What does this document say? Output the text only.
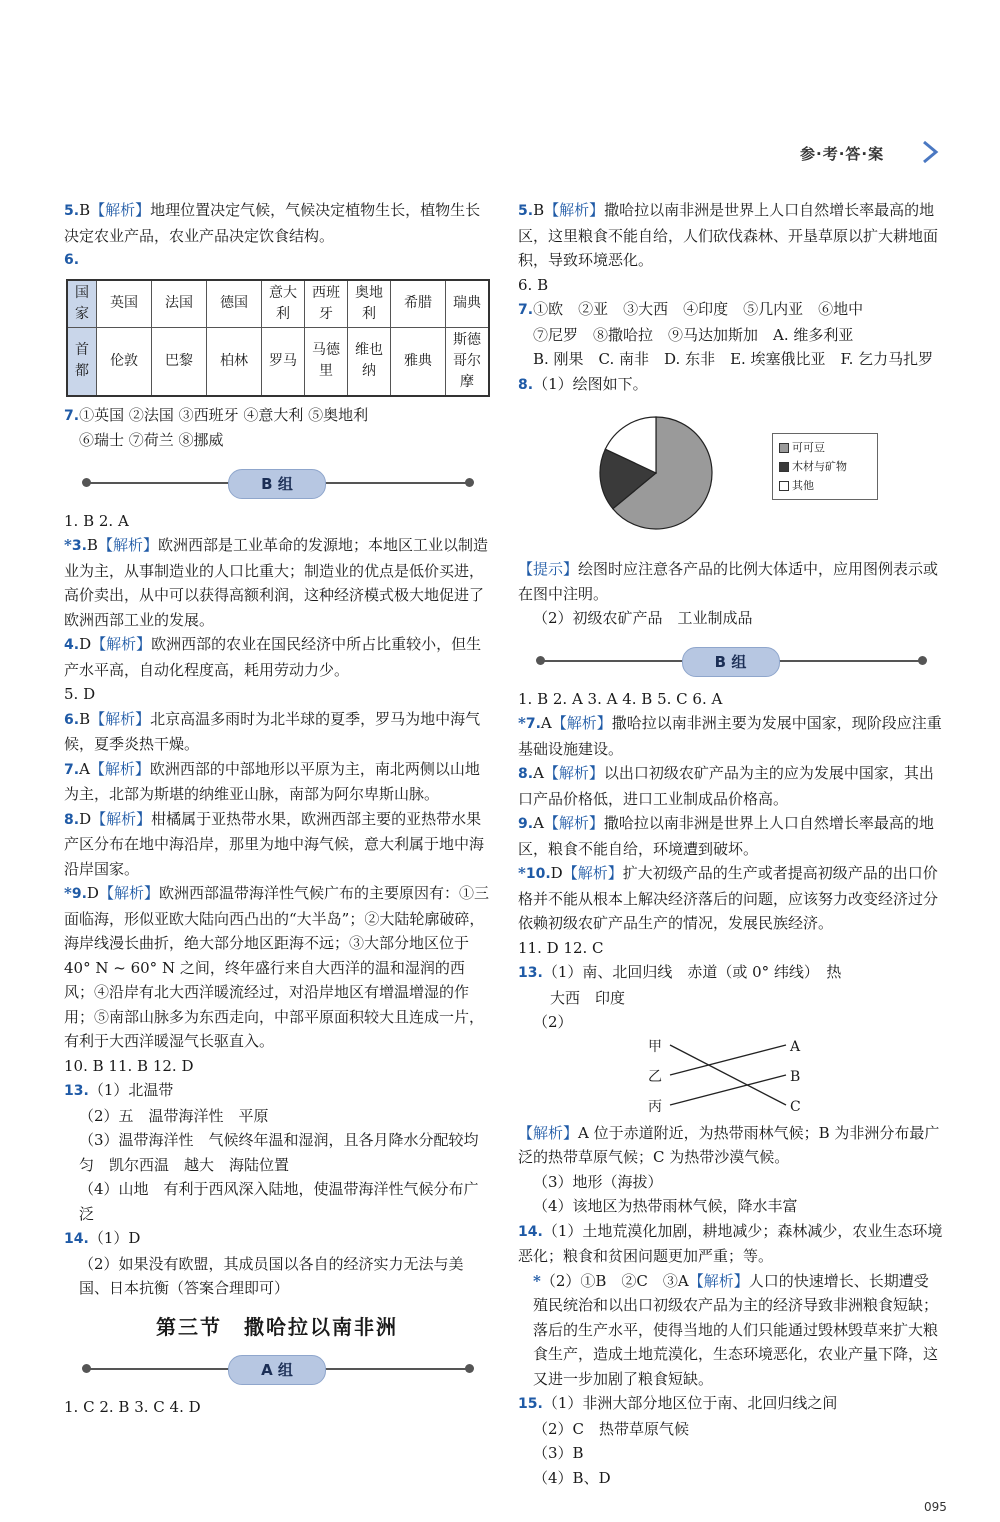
参·考·答·案

5.B【解析】地理位置决定气候，气候决定植物生长，植物生长决定农业产品，农业产品决定饮食结构。

6.

国家	英国	法国	德国	意大利	西班牙	奥地利	希腊	瑞典
首都	伦敦	巴黎	柏林	罗马	马德里	维也纳	雅典	斯德哥尔摩

7.①英国 ②法国 ③西班牙 ④意大利 ⑤奥地利

⑥瑞士 ⑦荷兰 ⑧挪威

B 组

1. B 2. A

*3.B【解析】欧洲西部是工业革命的发源地；本地区工业以制造业为主，从事制造业的人口比重大；制造业的优点是低价买进，高价卖出，从中可以获得高额利润，这种经济模式极大地促进了欧洲西部工业的发展。

4.D【解析】欧洲西部的农业在国民经济中所占比重较小，但生产水平高，自动化程度高，耗用劳动力少。

5. D

6.B【解析】北京高温多雨时为北半球的夏季，罗马为地中海气候，夏季炎热干燥。

7.A【解析】欧洲西部的中部地形以平原为主，南北两侧以山地为主，北部为斯堪的纳维亚山脉，南部为阿尔卑斯山脉。

8.D【解析】柑橘属于亚热带水果，欧洲西部主要的亚热带水果产区分布在地中海沿岸，那里为地中海气候，意大利属于地中海沿岸国家。

*9.D【解析】欧洲西部温带海洋性气候广布的主要原因有：①三面临海，形似亚欧大陆向西凸出的“大半岛”；②大陆轮廓破碎，海岸线漫长曲折，绝大部分地区距海不远；③大部分地区位于 40° N ~ 60° N 之间，终年盛行来自大西洋的温和湿润的西风；④沿岸有北大西洋暖流经过，对沿岸地区有增温增湿的作用；⑤南部山脉多为东西走向，中部平原面积较大且连成一片，有利于大西洋暖湿气长驱直入。

10. B 11. B 12. D

13.（1）北温带

（2）五　温带海洋性　平原

（3）温带海洋性　气候终年温和湿润，且各月降水分配较均匀　凯尔西温　越大　海陆位置

（4）山地　有利于西风深入陆地，使温带海洋性气候分布广泛

14.（1）D

（2）如果没有欧盟，其成员国以各自的经济实力无法与美国、日本抗衡（答案合理即可）

第三节　撒哈拉以南非洲
A 组

1. C 2. B 3. C 4. D

5.B【解析】撒哈拉以南非洲是世界上人口自然增长率最高的地区，这里粮食不能自给，人们砍伐森林、开垦草原以扩大耕地面积，导致环境恶化。

6. B

7.①欧　②亚　③大西　④印度　⑤几内亚　⑥地中

⑦尼罗　⑧撒哈拉　⑨马达加斯加　A. 维多利亚

B. 刚果　C. 南非　D. 东非　E. 埃塞俄比亚　F. 乞力马扎罗

8.（1）绘图如下。

可可豆
木材与矿物
其他

【提示】绘图时应注意各产品的比例大体适中，应用图例表示或在图中注明。

（2）初级农矿产品　工业制成品

B 组

1. B 2. A 3. A 4. B 5. C 6. A

*7.A【解析】撒哈拉以南非洲主要为发展中国家，现阶段应注重基础设施建设。

8.A【解析】以出口初级农矿产品为主的应为发展中国家，其出口产品价格低，进口工业制成品价格高。

9.A【解析】撒哈拉以南非洲是世界上人口自然增长率最高的地区，粮食不能自给，环境遭到破坏。

*10.D【解析】扩大初级产品的生产或者提高初级产品的出口价格并不能从根本上解决经济落后的问题，应该努力改变经济过分依赖初级农矿产品生产的情况，发展民族经济。

11. D 12. C

13.（1）南、北回归线　赤道（或 0° 纬线）　热

大西　印度

（2）

甲
乙
丙
A
B
C

【解析】A 位于赤道附近，为热带雨林气候；B 为非洲分布最广泛的热带草原气候；C 为热带沙漠气候。

（3）地形（海拔）

（4）该地区为热带雨林气候，降水丰富

14.（1）土地荒漠化加剧，耕地减少；森林减少，农业生态环境恶化；粮食和贫困问题更加严重；等。

*（2）①B　②C　③A【解析】人口的快速增长、长期遭受殖民统治和以出口初级农产品为主的经济导致非洲粮食短缺；落后的生产水平，使得当地的人们只能通过毁林毁草来扩大粮食生产，造成土地荒漠化，生态环境恶化，农业产量下降，这又进一步加剧了粮食短缺。

15.（1）非洲大部分地区位于南、北回归线之间

（2）C　热带草原气候

（3）B

（4）B、D

095
